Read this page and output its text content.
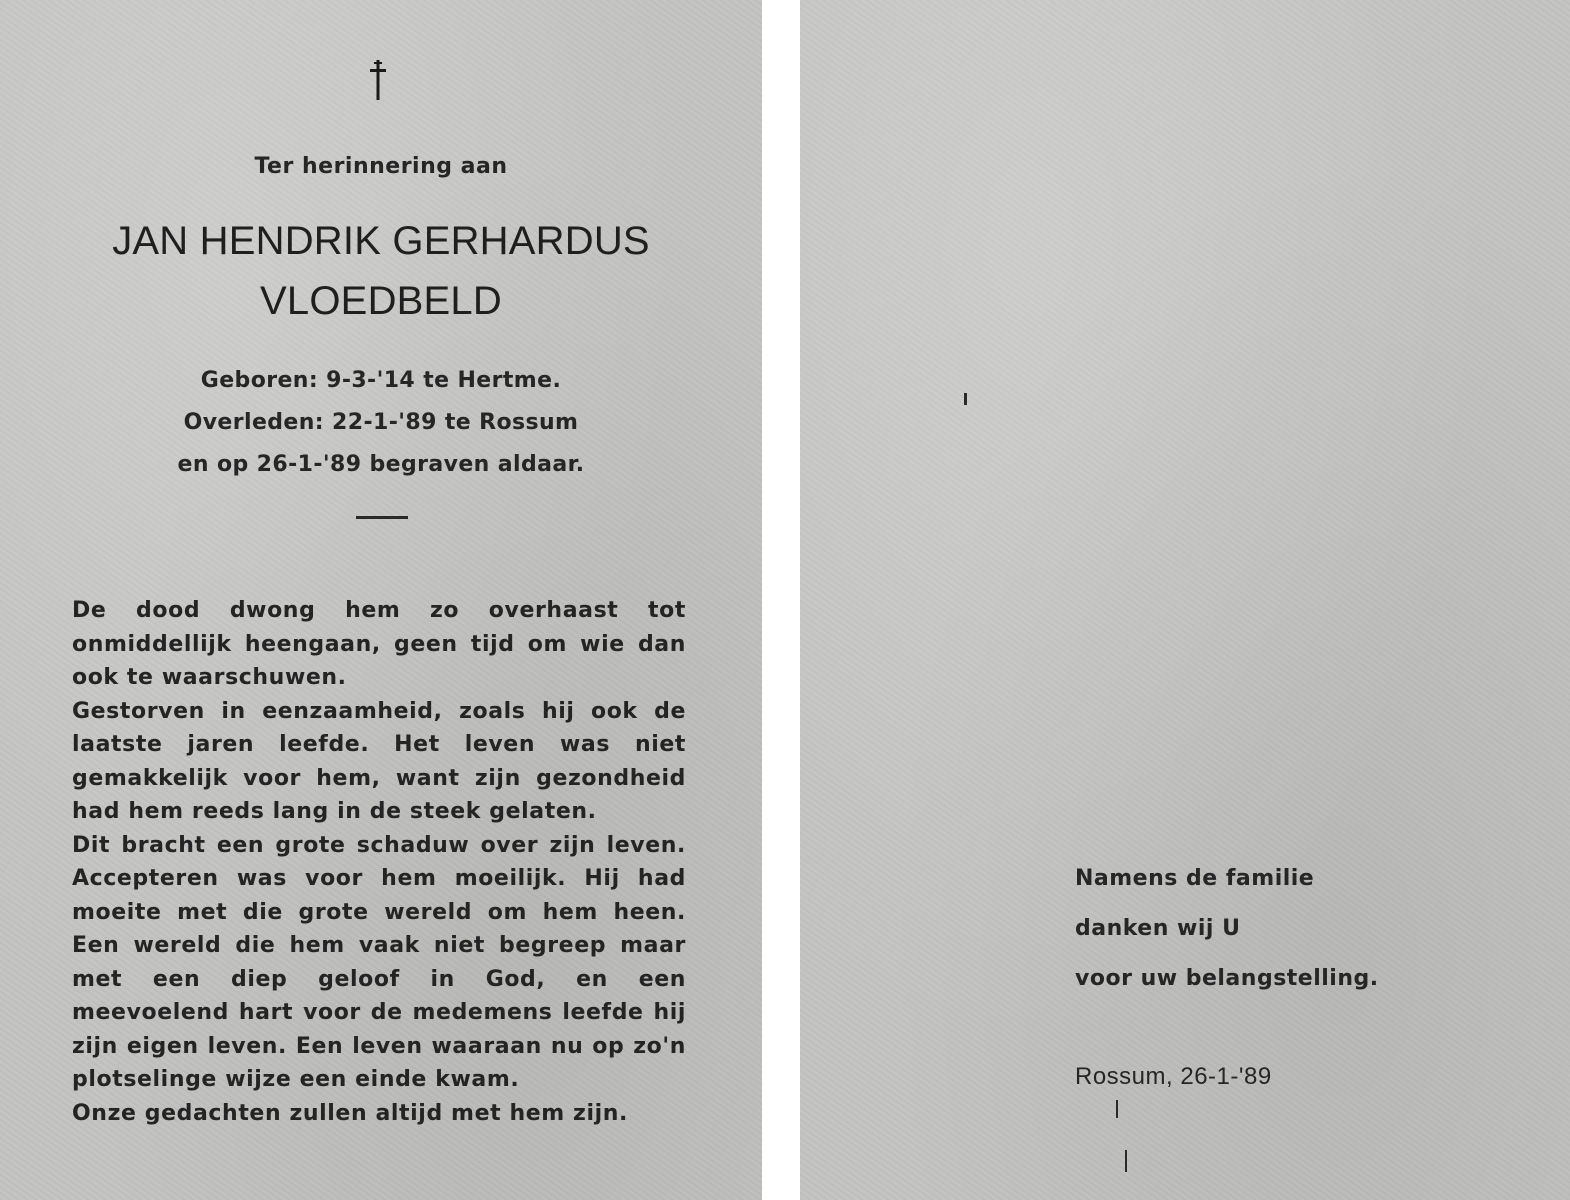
Ter herinnering aan
JAN HENDRIK GERHARDUS
VLOEDBELD
Geboren: 9-3-'14 te Hertme.
Overleden: 22-1-'89 te Rossum
en op 26-1-'89 begraven aldaar.

De dood dwong hem zo overhaast tot onmiddellijk heengaan, geen tijd om wie dan ook te waarschuwen.

Gestorven in eenzaamheid, zoals hij ook de laatste jaren leefde. Het leven was niet gemakkelijk voor hem, want zijn gezondheid had hem reeds lang in de steek gelaten.

Dit bracht een grote schaduw over zijn leven. Accepteren was voor hem moeilijk. Hij had moeite met die grote wereld om hem heen. Een wereld die hem vaak niet begreep maar met een diep geloof in God, en een meevoelend hart voor de medemens leefde hij zijn eigen leven. Een leven waaraan nu op zo'n plotselinge wijze een einde kwam.

Onze gedachten zullen altijd met hem zijn.

Namens de familie
danken wij U
voor uw belangstelling.
Rossum, 26-1-'89
